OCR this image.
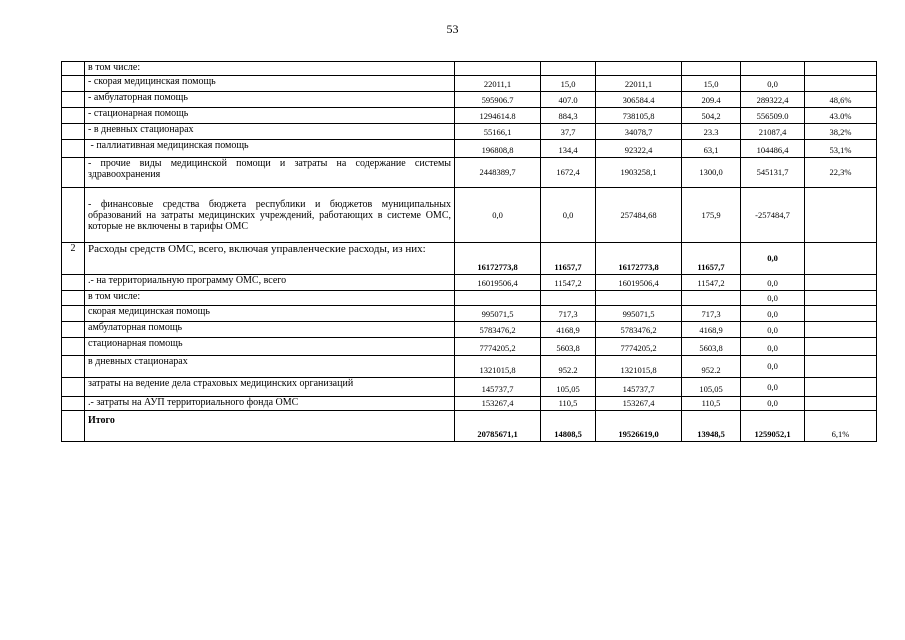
53
	в том числе:						
	- скорая медицинская помощь	22011,1	15,0	22011,1	15,0	0,0	
	- амбулаторная помощь	595906.7	407.0	306584.4	209.4	289322,4	48,6%
	- стационарная помощь	1294614.8	884,3	738105,8	504,2	556509.0	43.0%
	- в дневных стационарах	55166,1	37,7	34078,7	23.3	21087,4	38,2%
	- паллиативная медицинская помощь	196808,8	134,4	92322,4	63,1	104486,4	53,1%
	- прочие виды медицинской помощи и затраты на содержание системы здравоохранения	2448389,7	1672,4	1903258,1	1300,0	545131,7	22,3%
	- финансовые средства бюджета республики и бюджетов муниципальных образований на затраты медицинских учреждений, работающих в системе ОМС, которые не включены в тарифы ОМС	0,0	0,0	257484,68	175,9	-257484,7	
2	Расходы средств ОМС, всего, включая управленческие расходы, из них:	16172773,8	11657,7	16172773,8	11657,7	0,0	
	.- на территориальную программу ОМС, всего	16019506,4	11547,2	16019506,4	11547,2	0,0	
	в том числе:					0,0	
	скорая медицинская помощь	995071,5	717,3	995071,5	717,3	0,0	
	амбулаторная помощь	5783476,2	4168,9	5783476,2	4168,9	0,0	
	стационарная помощь	7774205,2	5603,8	7774205,2	5603,8	0,0	
	в дневных стационарах	1321015,8	952.2	1321015,8	952.2	0,0	
	затраты на ведение дела страховых медицинских организаций	145737,7	105,05	145737,7	105,05	0,0	
	.- затраты на АУП территориального фонда ОМС	153267,4	110,5	153267,4	110,5	0,0	
	Итого	20785671,1	14808,5	19526619,0	13948,5	1259052,1	6,1%
